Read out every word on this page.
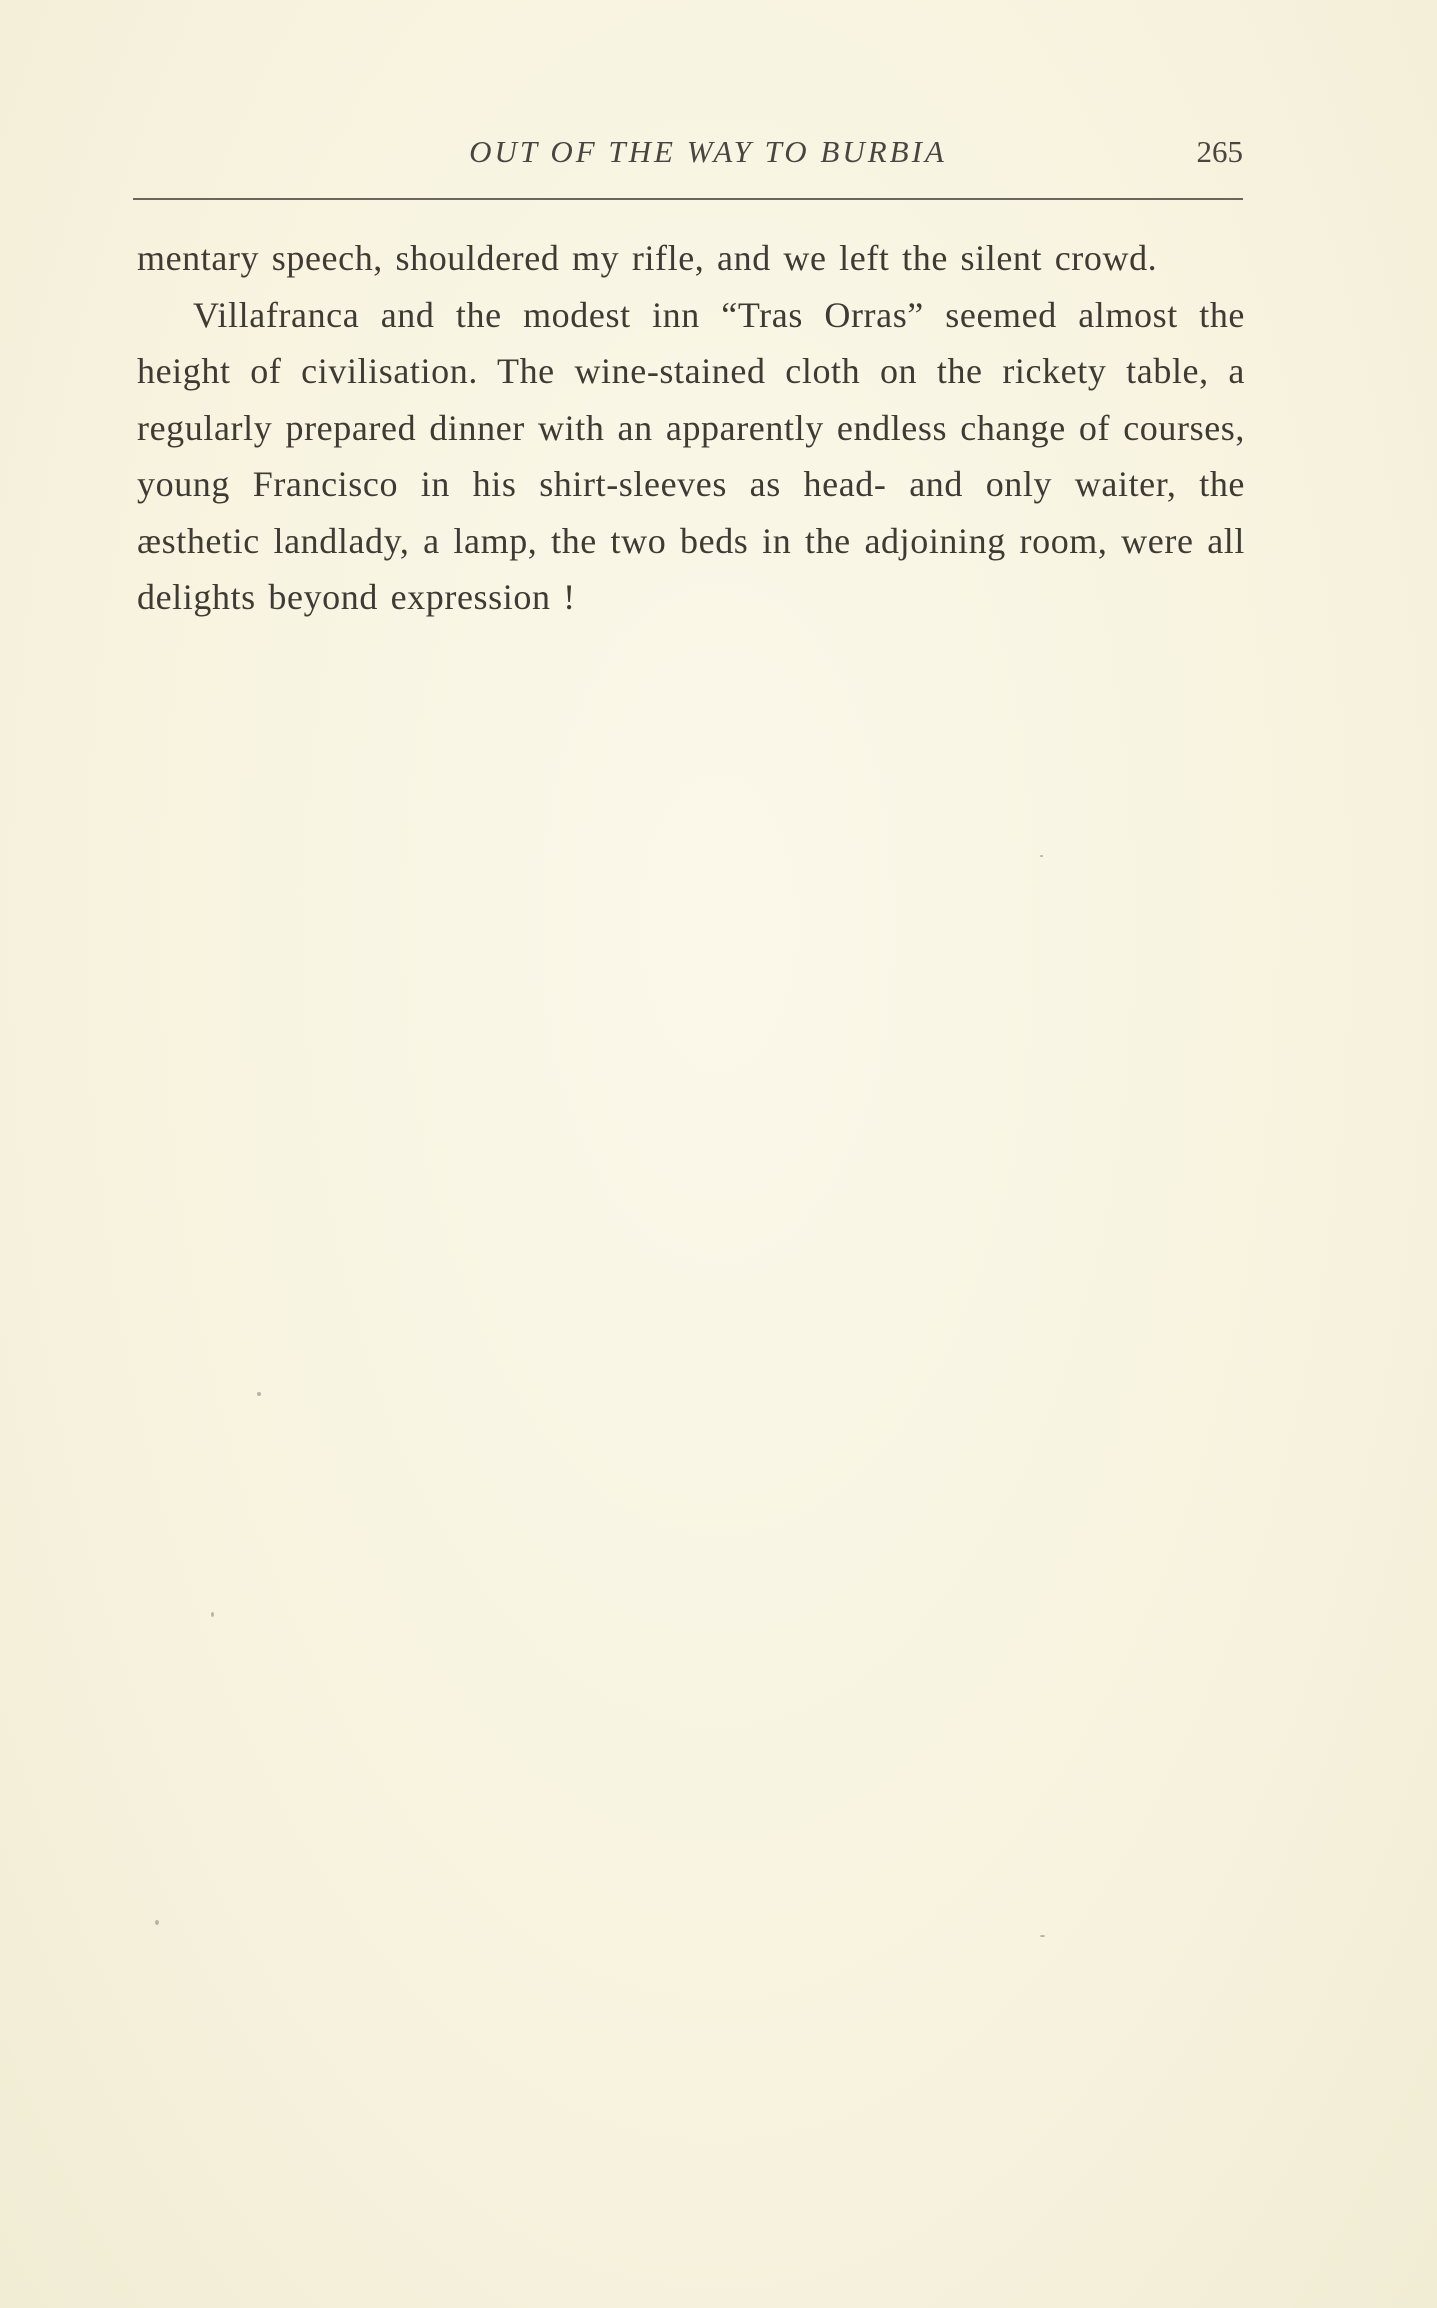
OUT OF THE WAY TO BURBIA	265

mentary speech, shouldered my rifle, and we left the silent crowd.

Villafranca and the modest inn “Tras Orras” seemed almost the height of civilisation. The wine-stained cloth on the rickety table, a regularly prepared dinner with an apparently endless change of courses, young Francisco in his shirt-sleeves as head- and only waiter, the æsthetic landlady, a lamp, the two beds in the adjoining room, were all delights beyond expression !
